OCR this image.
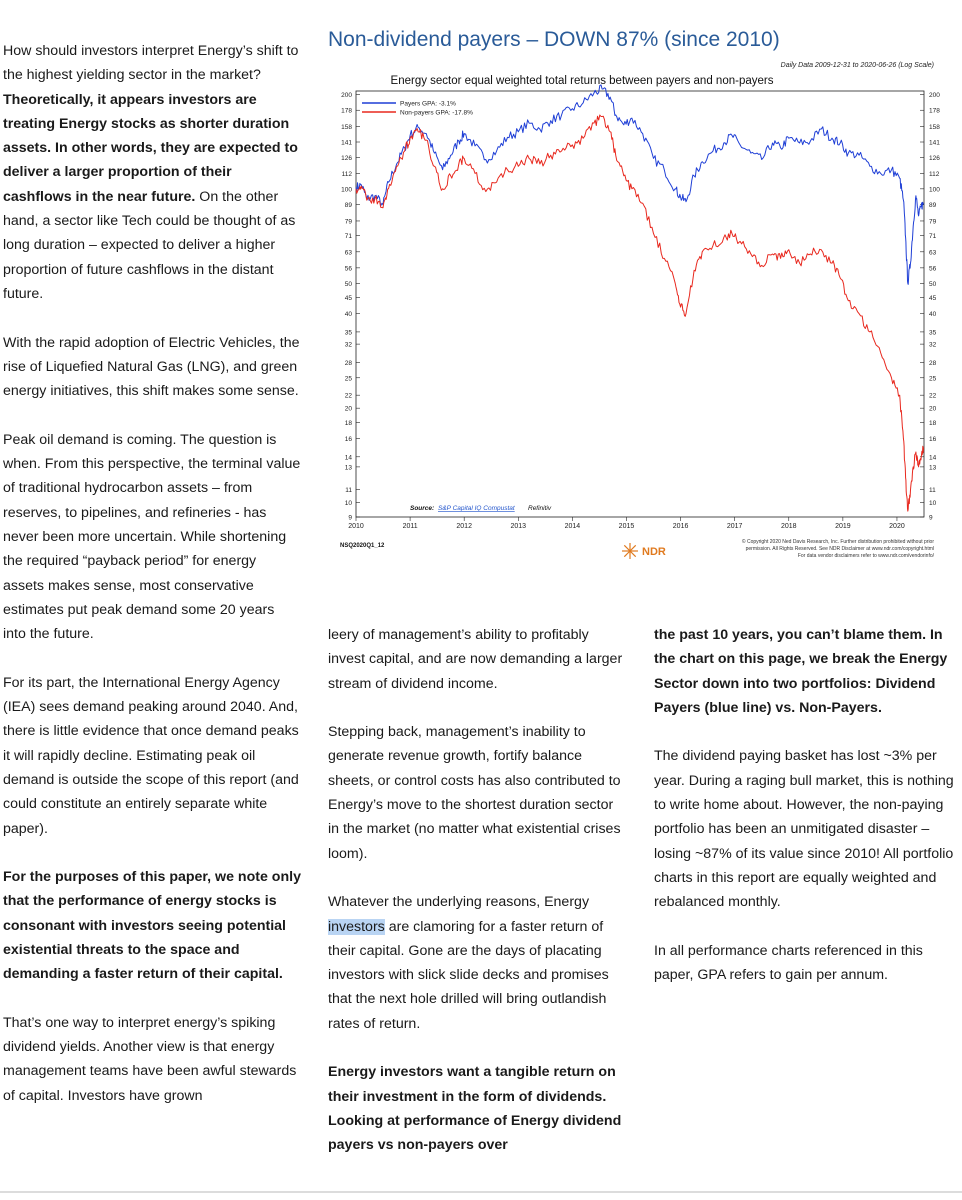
Non-dividend payers – DOWN 87% (since 2010)
Daily Data 2009-12-31 to 2020-06-26 (Log Scale)
Energy sector equal weighted total returns between payers and non-payers
9	9
10	10
11	11
13	13
14	14
16	16
18	18
20	20
22	22
25	25
28	28
32	32
35	35
40	40
45	45
50	50
56	56
63	63
71	71
79	79
89	89
100	100
112	112
126	126
141	141
158	158
178	178
200	200
2010	2011	2012	2013	2014	2015	2016	2017	2018	2019	2020
Payers GPA: -3.1%
Non-payers GPA: -17.8%
Source: S&P Capital IQ Compustat Refinitiv
NSQ2020Q1_12	NDR
© Copyright 2020 Ned Davis Research, Inc. Further distribution prohibited without prior
permission. All Rights Reserved. See NDR Disclaimer at www.ndr.com/copyright.html
For data vendor disclaimers refer to www.ndr.com/vendorinfo/

How should investors interpret Energy’s shift to the highest yielding sector in the market? Theoretically, it appears investors are treating Energy stocks as shorter duration assets. In other words, they are expected to deliver a larger proportion of their cashflows in the near future. On the other hand, a sector like Tech could be thought of as long duration – expected to deliver a higher proportion of future cashflows in the distant future.

With the rapid adoption of Electric Vehicles, the rise of Liquefied Natural Gas (LNG), and green energy initiatives, this shift makes some sense.

Peak oil demand is coming. The question is when. From this perspective, the terminal value of traditional hydrocarbon assets – from reserves, to pipelines, and refineries - has never been more uncertain. While shortening the required “payback period” for energy assets makes sense, most conservative estimates put peak demand some 20 years into the future.

For its part, the International Energy Agency (IEA) sees demand peaking around 2040. And, there is little evidence that once demand peaks it will rapidly decline. Estimating peak oil demand is outside the scope of this report (and could constitute an entirely separate white paper).

For the purposes of this paper, we note only that the performance of energy stocks is consonant with investors seeing potential existential threats to the space and demanding a faster return of their capital.

That’s one way to interpret energy’s spiking dividend yields. Another view is that energy management teams have been awful stewards of capital. Investors have grown

leery of management’s ability to profitably invest capital, and are now demanding a larger stream of dividend income.

Stepping back, management’s inability to generate revenue growth, fortify balance sheets, or control costs has also contributed to Energy’s move to the shortest duration sector in the market (no matter what existential crises loom).

Whatever the underlying reasons, Energy investors are clamoring for a faster return of their capital. Gone are the days of placating investors with slick slide decks and promises that the next hole drilled will bring outlandish rates of return.

Energy investors want a tangible return on their investment in the form of dividends. Looking at performance of Energy dividend payers vs non-payers over

the past 10 years, you can’t blame them. In the chart on this page, we break the Energy Sector down into two portfolios: Dividend Payers (blue line) vs. Non-Payers.

The dividend paying basket has lost ~3% per year. During a raging bull market, this is nothing to write home about. However, the non-paying portfolio has been an unmitigated disaster – losing ~87% of its value since 2010! All portfolio charts in this report are equally weighted and rebalanced monthly.

In all performance charts referenced in this paper, GPA refers to gain per annum.
